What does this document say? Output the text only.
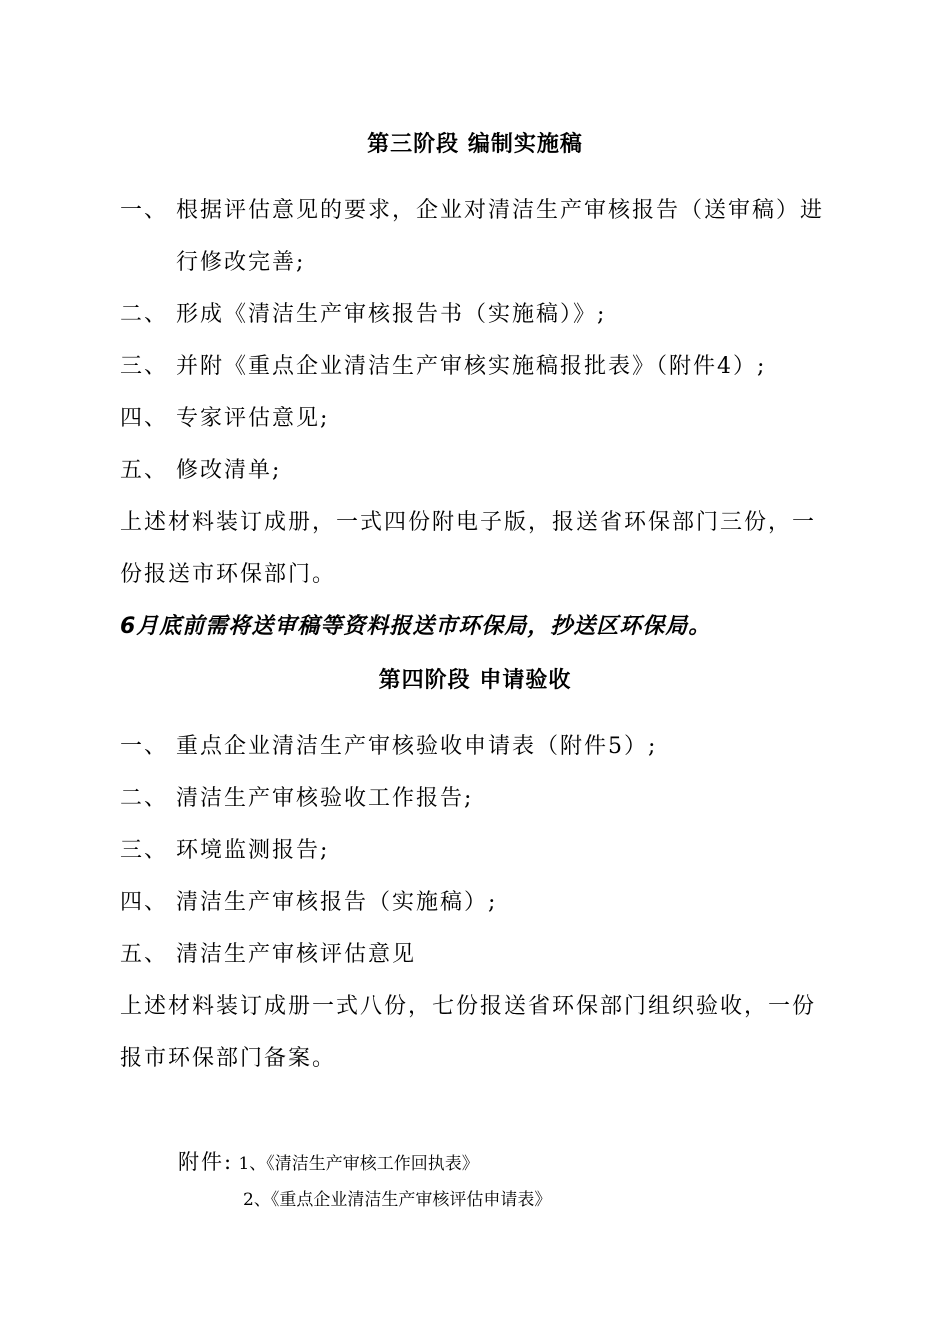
第三阶段 编制实施稿
一、 根据评估意见的要求，企业对清洁生产审核报告（送审稿）进
行修改完善;
二、 形成《清洁生产审核报告书（实施稿）》;
三、 并附《重点企业清洁生产审核实施稿报批表》（附件4）;
四、 专家评估意见;
五、 修改清单;
上述材料装订成册，一式四份附电子版，报送省环保部门三份，一
份报送市环保部门。
6月底前需将送审稿等资料报送市环保局，抄送区环保局。
第四阶段 申请验收
一、 重点企业清洁生产审核验收申请表（附件5）;
二、 清洁生产审核验收工作报告;
三、 环境监测报告;
四、 清洁生产审核报告（实施稿）;
五、 清洁生产审核评估意见
上述材料装订成册一式八份，七份报送省环保部门组织验收，一份
报市环保部门备案。
附件: 1、《清洁生产审核工作回执表》
2、《重点企业清洁生产审核评估申请表》
